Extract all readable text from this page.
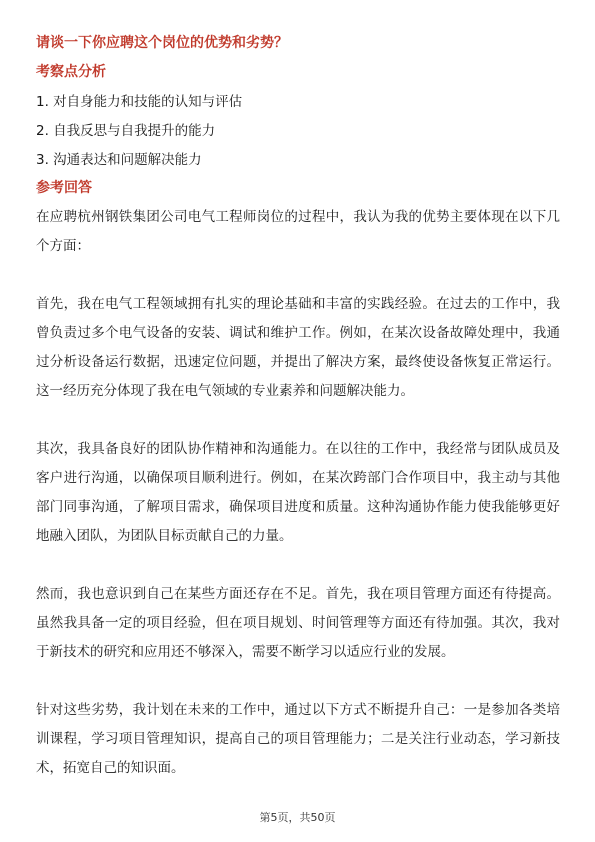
请谈一下你应聘这个岗位的优势和劣势？
考察点分析
1. 对自身能力和技能的认知与评估
2. 自我反思与自我提升的能力
3. 沟通表达和问题解决能力
参考回答

在应聘杭州钢铁集团公司电气工程师岗位的过程中，我认为我的优势主要体现在以下几个方面：

首先，我在电气工程领域拥有扎实的理论基础和丰富的实践经验。在过去的工作中，我曾负责过多个电气设备的安装、调试和维护工作。例如，在某次设备故障处理中，我通过分析设备运行数据，迅速定位问题，并提出了解决方案，最终使设备恢复正常运行。这一经历充分体现了我在电气领域的专业素养和问题解决能力。

其次，我具备良好的团队协作精神和沟通能力。在以往的工作中，我经常与团队成员及客户进行沟通，以确保项目顺利进行。例如，在某次跨部门合作项目中，我主动与其他部门同事沟通，了解项目需求，确保项目进度和质量。这种沟通协作能力使我能够更好地融入团队，为团队目标贡献自己的力量。

然而，我也意识到自己在某些方面还存在不足。首先，我在项目管理方面还有待提高。虽然我具备一定的项目经验，但在项目规划、时间管理等方面还有待加强。其次，我对于新技术的研究和应用还不够深入，需要不断学习以适应行业的发展。

针对这些劣势，我计划在未来的工作中，通过以下方式不断提升自己：一是参加各类培训课程，学习项目管理知识，提高自己的项目管理能力；二是关注行业动态，学习新技术，拓宽自己的知识面。

第5页，共50页
